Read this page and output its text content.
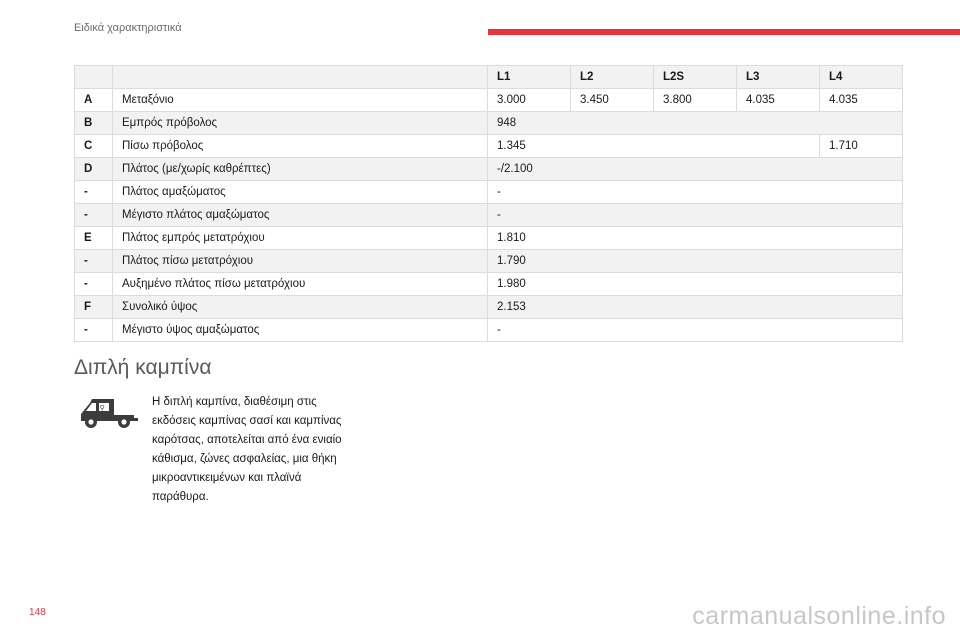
Ειδικά χαρακτηριστικά
		L1	L2	L2S	L3	L4
A	Μεταξόνιο	3.000	3.450	3.800	4.035	4.035
B	Εμπρός πρόβολος	948				
C	Πίσω πρόβολος	1.345				1.710
D	Πλάτος (με/χωρίς καθρέπτες)	-/2.100				
-	Πλάτος αμαξώματος	-				
-	Μέγιστο πλάτος αμαξώματος	-				
E	Πλάτος εμπρός μετατρόχιου	1.810				
-	Πλάτος πίσω μετατρόχιου	1.790				
-	Αυξημένο πλάτος πίσω μετατρόχιου	1.980				
F	Συνολικό ύψος	2.153				
-	Μέγιστο ύψος αμαξώματος	-				
Διπλή καμπίνα
⚲	Η διπλή καμπίνα, διαθέσιμη στις εκδόσεις καμπίνας σασί και καμπίνας καρότσας, αποτελείται από ένα ενιαίο κάθισμα, ζώνες ασφαλείας, μια θήκη μικροαντικειμένων και πλαϊνά παράθυρα.

148	carmanualsonline.info
